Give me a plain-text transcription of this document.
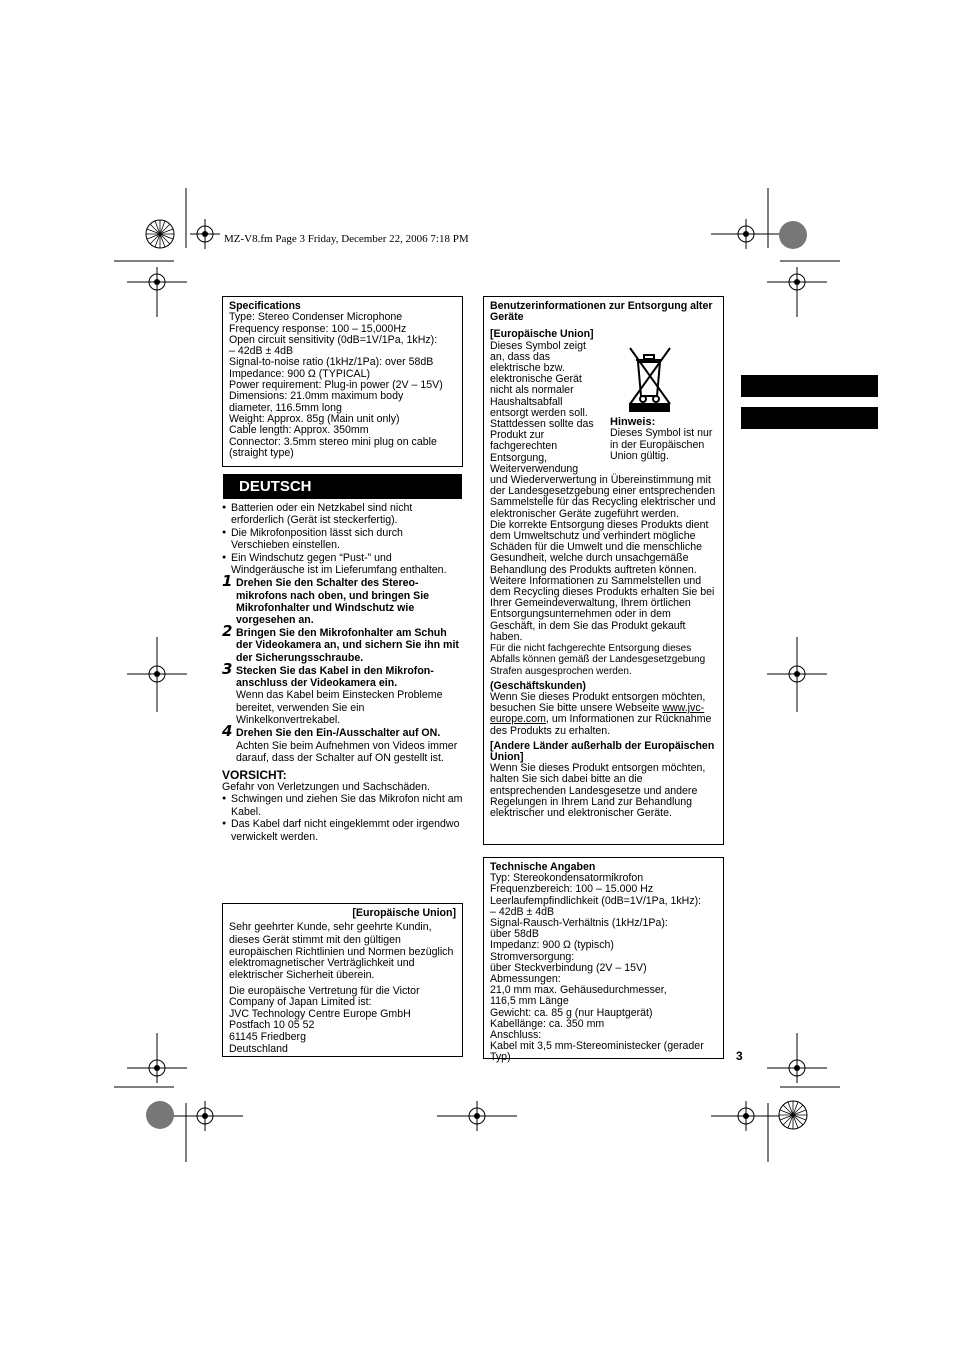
MZ-V8.fm Page 3 Friday, December 22, 2006 7:18 PM
Specifications
Type: Stereo Condenser Microphone
Frequency response: 100 – 15,000Hz
Open circuit sensitivity (0dB=1V/1Pa, 1kHz):
– 42dB ± 4dB
Signal-to-noise ratio (1kHz/1Pa): over 58dB
Impedance: 900 Ω (TYPICAL)
Power requirement: Plug-in power (2V – 15V)
Dimensions: 21.0mm maximum body
diameter, 116.5mm long
Weight: Approx. 85g (Main unit only)
Cable length: Approx. 350mm
Connector: 3.5mm stereo mini plug on cable
(straight type)
DEUTSCH

● Batterien oder ein Netzkabel sind nicht erforderlich (Gerät ist steckerfertig).

● Die Mikrofonposition lässt sich durch Verschieben einstellen.

● Ein Windschutz gegen “Pust-” und Windgeräusche ist im Lieferumfang enthalten.

1 Drehen Sie den Schalter des Stereo-mikrofons nach oben, und bringen Sie Mikrofonhalter und Windschutz wie vorgesehen an.
2 Bringen Sie den Mikrofonhalter am Schuh der Videokamera an, und sichern Sie ihn mit der Sicherungsschraube.
3 Stecken Sie das Kabel in den Mikrofon-anschluss der Videokamera ein.
Wenn das Kabel beim Einstecken Probleme bereitet, verwenden Sie ein Winkelkonvertrekabel.
4 Drehen Sie den Ein-/Ausschalter auf ON.
Achten Sie beim Aufnehmen von Videos immer darauf, dass der Schalter auf ON gestellt ist.
VORSICHT:
Gefahr von Verletzungen und Sachschäden.

● Schwingen und ziehen Sie das Mikrofon nicht am Kabel.

● Das Kabel darf nicht eingeklemmt oder irgendwo verwickelt werden.

[Europäische Union]

Sehr geehrter Kunde, sehr geehrte Kundin,

dieses Gerät stimmt mit den gültigen europäischen Richtlinien und Normen bezüglich elektromagnetischer Verträglichkeit und elektrischer Sicherheit überein.

Die europäische Vertretung für die Victor
Company of Japan Limited ist:
JVC Technology Centre Europe GmbH
Postfach 10 05 52
61145 Friedberg
Deutschland

Benutzerinformationen zur Entsorgung alter Geräte

[Europäische Union]

Dieses Symbol zeigt an, dass das elektrische bzw. elektronische Gerät nicht als normaler Haushaltsabfall entsorgt werden soll. Stattdessen sollte das Produkt zur fachgerechten Entsorgung, Weiterverwendung

und Wiederverwertung in Übereinstimmung mit der Landesgesetzgebung einer entsprechenden Sammelstelle für das Recycling elektrischer und elektronischer Geräte zugeführt werden.

Die korrekte Entsorgung dieses Produkts dient dem Umweltschutz und verhindert mögliche Schäden für die Umwelt und die menschliche Gesundheit, welche durch unsachgemäße Behandlung des Produkts auftreten können.

Weitere Informationen zu Sammelstellen und dem Recycling dieses Produkts erhalten Sie bei Ihrer Gemeindeverwaltung, Ihrem örtlichen Entsorgungsunternehmen oder in dem Geschäft, in dem Sie das Produkt gekauft haben.

Für die nicht fachgerechte Entsorgung dieses Abfalls können gemäß der Landesgesetzgebung Strafen ausgesprochen werden.

(Geschäftskunden)

Wenn Sie dieses Produkt entsorgen möchten, besuchen Sie bitte unsere Webseite www.jvc-europe.com, um Informationen zur Rücknahme des Produkts zu erhalten.

[Andere Länder außerhalb der Europäischen Union]

Wenn Sie dieses Produkt entsorgen möchten, halten Sie sich dabei bitte an die entsprechenden Landesgesetze und andere Regelungen in Ihrem Land zur Behandlung elektrischer und elektronischer Geräte.

Hinweis:
Dieses Symbol ist nur in der Europäischen Union gültig.
Technische Angaben
Typ: Stereokondensatormikrofon
Frequenzbereich: 100 – 15.000 Hz
Leerlaufempfindlichkeit (0dB=1V/1Pa, 1kHz):
– 42dB ± 4dB
Signal-Rausch-Verhältnis (1kHz/1Pa):
über 58dB
Impedanz: 900 Ω (typisch)
Stromversorgung:
über Steckverbindung (2V – 15V)
Abmessungen:
21,0 mm max. Gehäusedurchmesser,
116,5 mm Länge
Gewicht: ca. 85 g (nur Hauptgerät)
Kabellänge: ca. 350 mm
Anschluss:
Kabel mit 3,5 mm-Stereoministecker (gerader Typ)	3
